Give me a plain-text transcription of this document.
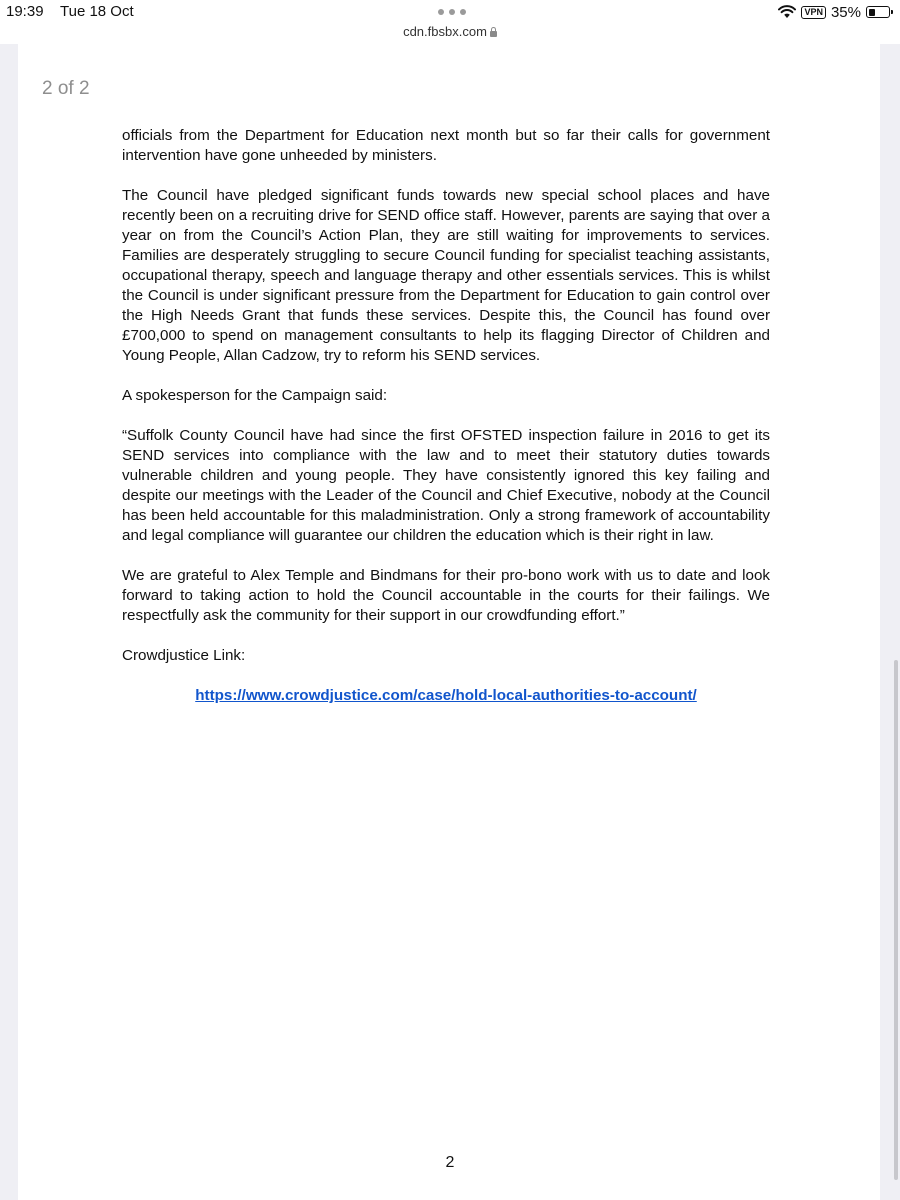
19:39 Tue 18 Oct	VPN 35%
cdn.fbsbx.com
2 of 2

officials from the Department for Education next month but so far their calls for government intervention have gone unheeded by ministers.

The Council have pledged significant funds towards new special school places and have recently been on a recruiting drive for SEND office staff. However, parents are saying that over a year on from the Council’s Action Plan, they are still waiting for improvements to services. Families are desperately struggling to secure Council funding for specialist teaching assistants, occupational therapy, speech and language therapy and other essentials services. This is whilst the Council is under significant pressure from the Department for Education to gain control over the High Needs Grant that funds these services. Despite this, the Council has found over £700,000 to spend on management consultants to help its flagging Director of Children and Young People, Allan Cadzow, try to reform his SEND services.

A spokesperson for the Campaign said:

“Suffolk County Council have had since the first OFSTED inspection failure in 2016 to get its SEND services into compliance with the law and to meet their statutory duties towards vulnerable children and young people. They have consistently ignored this key failing and despite our meetings with the Leader of the Council and Chief Executive, nobody at the Council has been held accountable for this maladministration. Only a strong framework of accountability and legal compliance will guarantee our children the education which is their right in law.

We are grateful to Alex Temple and Bindmans for their pro-bono work with us to date and look forward to taking action to hold the Council accountable in the courts for their failings. We respectfully ask the community for their support in our crowdfunding effort.”

Crowdjustice Link:

https://www.crowdjustice.com/case/hold-local-authorities-to-account/
2
